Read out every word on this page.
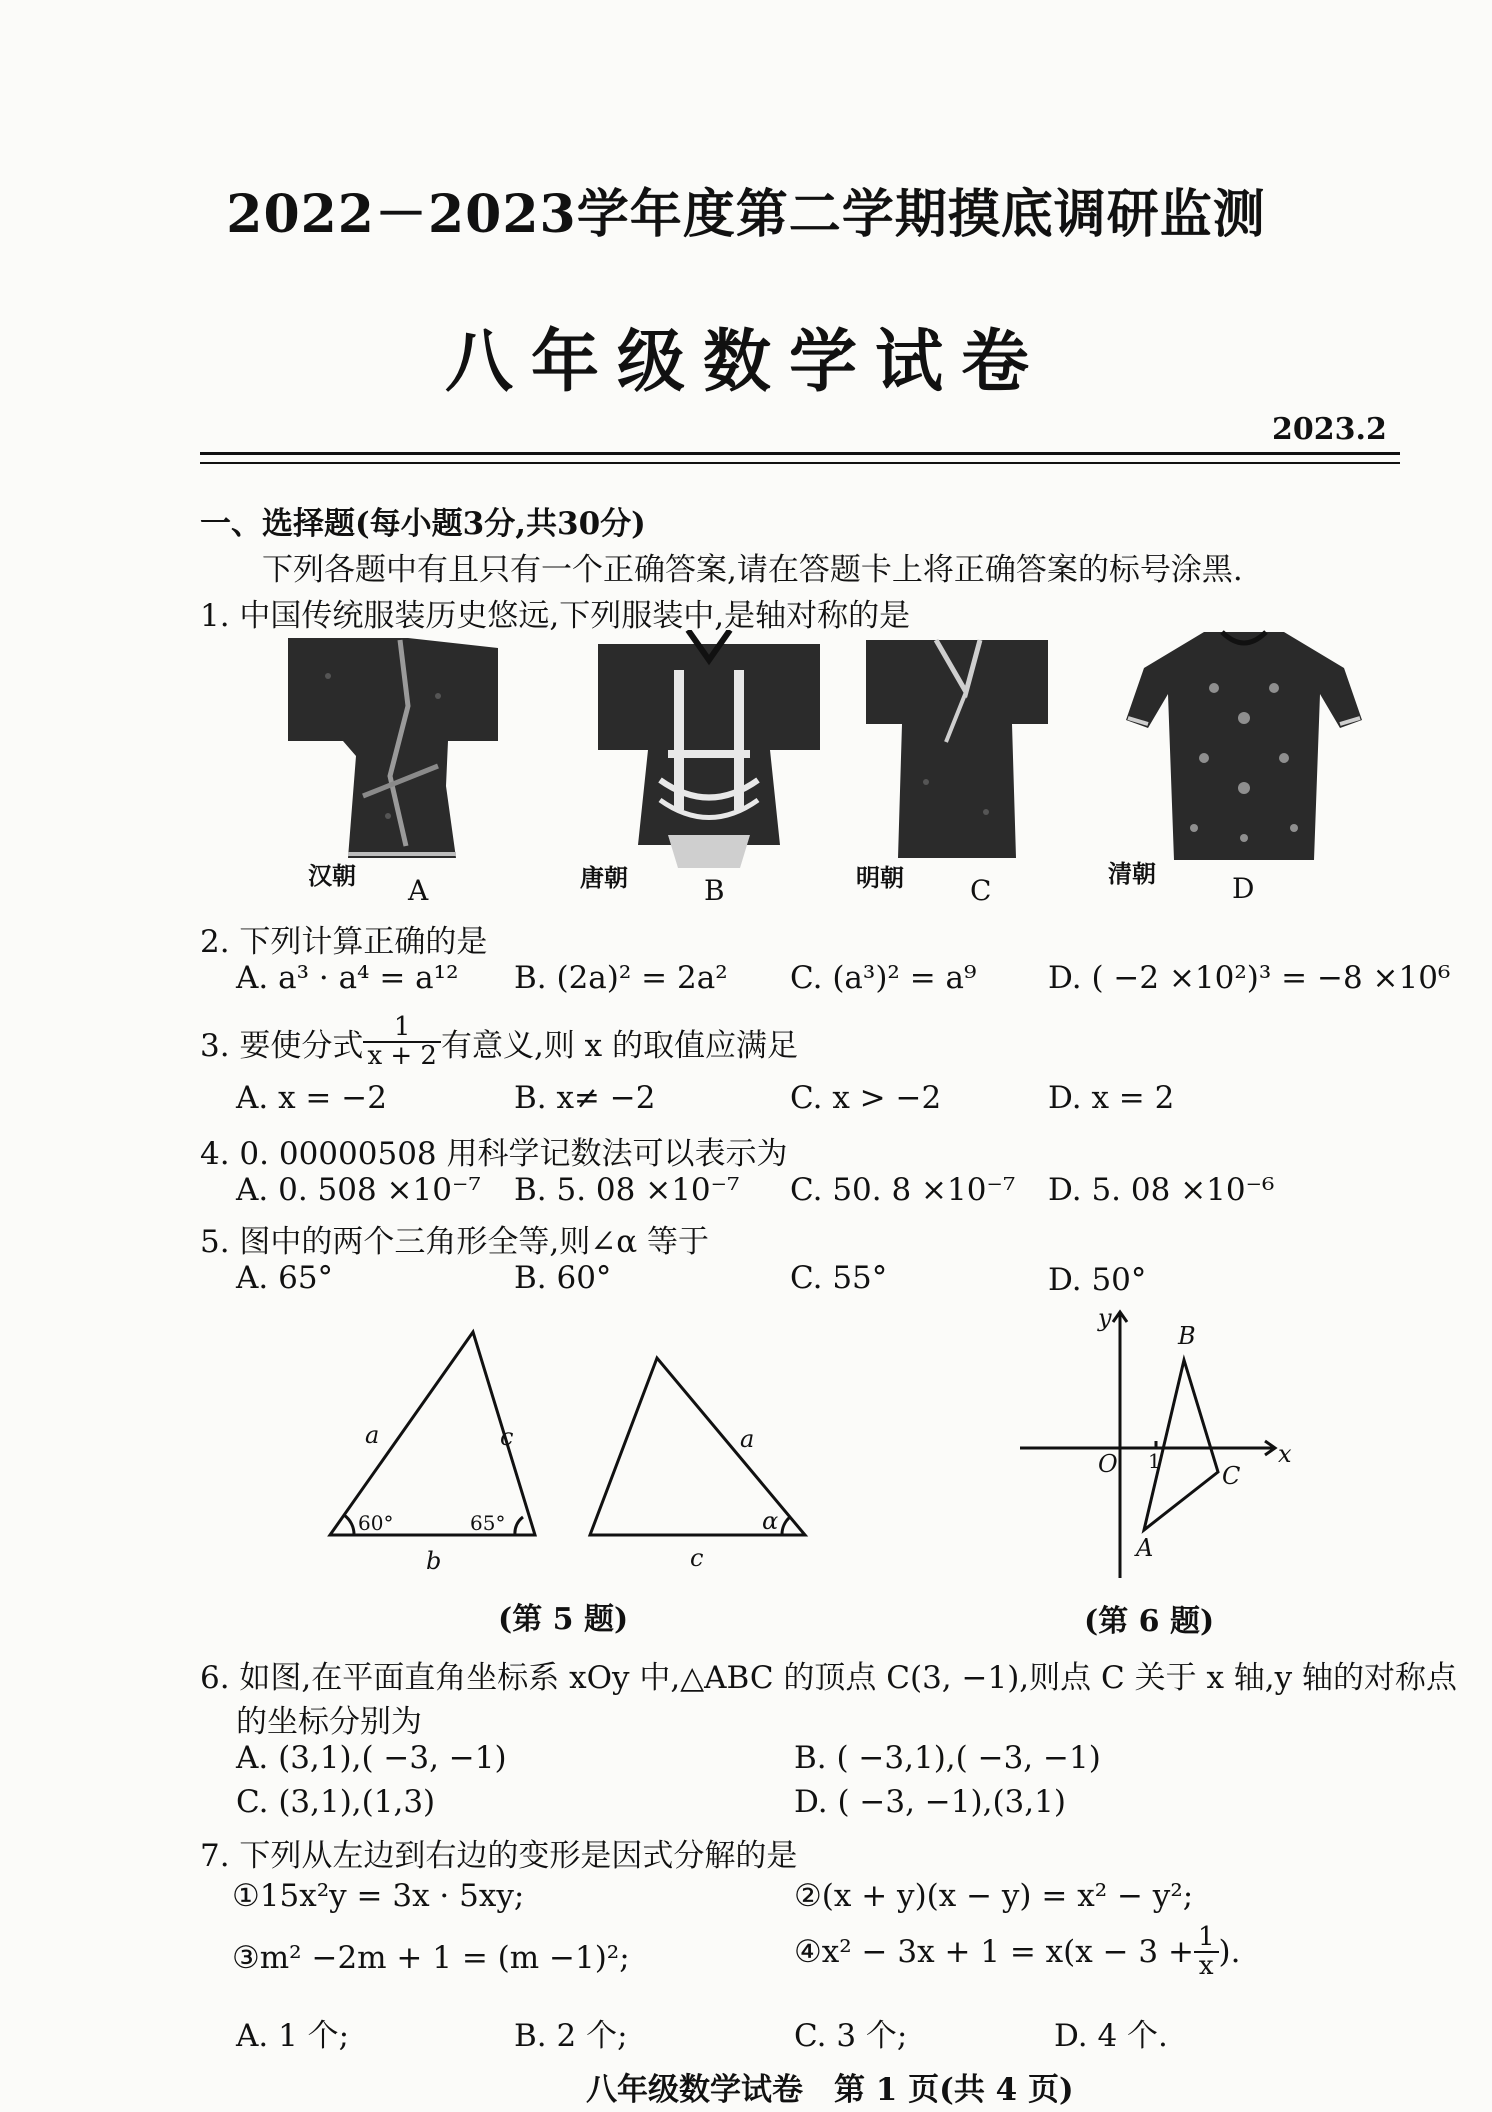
2022－2023学年度第二学期摸底调研监测
八年级数学试卷
2023.2
一、选择题(每小题3分,共30分)
下列各题中有且只有一个正确答案,请在答题卡上将正确答案的标号涂黑.
1. 中国传统服装历史悠远,下列服装中,是轴对称的是
汉朝 A	唐朝	B	明朝 C
清朝	D
2. 下列计算正确的是
A. a³ · a⁴ = a¹² B. (2a)² = 2a² C. (a³)² = a⁹ D. ( −2 ×10²)³ = −8 ×10⁶
3. 要使分式 $\frac{1}{x + 2}$ 有意义,则 x 的取值应满足
A. x = −2	B. x≠ −2	C. x > −2	D. x = 2
4. 0. 00000508 用科学记数法可以表示为
A. 0. 508 ×10⁻⁷ B. 5. 08 ×10⁻⁷ C. 50. 8 ×10⁻⁷ D. 5. 08 ×10⁻⁶
5. 图中的两个三角形全等,则∠α 等于
A. 65°	B. 60°	C. 55°	D. 50°
a	c
b
a
c
α
60°	65°
(第 5 题)
x
y
O
B
C
A
1
(第 6 题)
6. 如图,在平面直角坐标系 xOy 中,△ABC 的顶点 C(3, −1),则点 C 关于 x 轴,y 轴的对称点
的坐标分别为
A. (3,1),( −3, −1)	B. ( −3,1),( −3, −1)
C. (3,1),(1,3)	D. ( −3, −1),(3,1)
7. 下列从左边到右边的变形是因式分解的是
①15x²y = 3x · 5xy;	②(x + y)(x − y) = x² − y²;
③m² −2m + 1 = (m −1)²;	④x² − $3x + 1 = x(x - 3 + \frac{1}{x}$ ).
A. 1 个;	B. 2 个;	C. 3 个;	D. 4 个.
八年级数学试卷　第 1 页(共 4 页)
